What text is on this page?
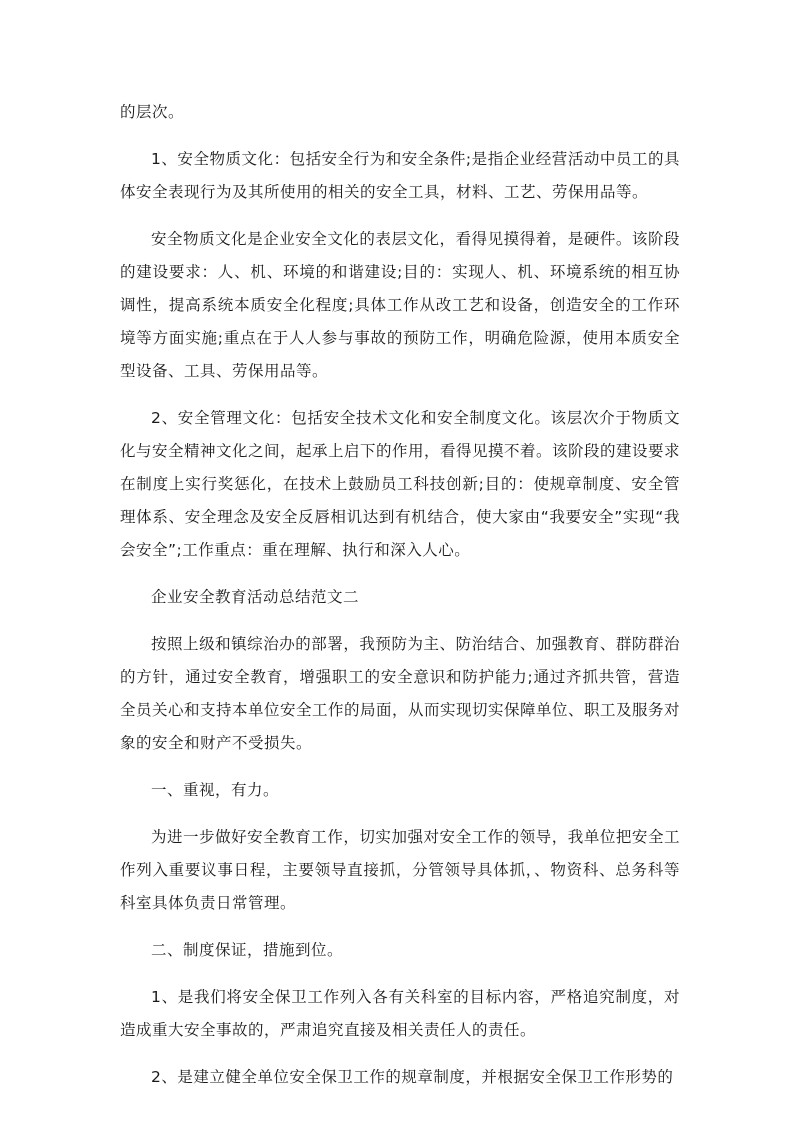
的层次。

1、安全物质文化：包括安全行为和安全条件;是指企业经营活动中员工的具体安全表现行为及其所使用的相关的安全工具，材料、工艺、劳保用品等。

安全物质文化是企业安全文化的表层文化，看得见摸得着，是硬件。该阶段的建设要求：人、机、环境的和谐建设;目的：实现人、机、环境系统的相互协调性，提高系统本质安全化程度;具体工作从改工艺和设备，创造安全的工作环境等方面实施;重点在于人人参与事故的预防工作，明确危险源，使用本质安全型设备、工具、劳保用品等。

2、安全管理文化：包括安全技术文化和安全制度文化。该层次介于物质文化与安全精神文化之间，起承上启下的作用，看得见摸不着。该阶段的建设要求在制度上实行奖惩化，在技术上鼓励员工科技创新;目的：使规章制度、安全管理体系、安全理念及安全反唇相讥达到有机结合，使大家由“我要安全”实现“我会安全”;工作重点：重在理解、执行和深入人心。

企业安全教育活动总结范文二

按照上级和镇综治办的部署，我预防为主、防治结合、加强教育、群防群治的方针，通过安全教育，增强职工的安全意识和防护能力;通过齐抓共管，营造全员关心和支持本单位安全工作的局面，从而实现切实保障单位、职工及服务对象的安全和财产不受损失。

一、重视，有力。

为进一步做好安全教育工作，切实加强对安全工作的领导，我单位把安全工作列入重要议事日程，主要领导直接抓，分管领导具体抓，、物资科、总务科等科室具体负责日常管理。

二、制度保证，措施到位。

1、是我们将安全保卫工作列入各有关科室的目标内容，严格追究制度，对造成重大安全事故的，严肃追究直接及相关责任人的责任。

2、是建立健全单位安全保卫工作的规章制度，并根据安全保卫工作形势的
